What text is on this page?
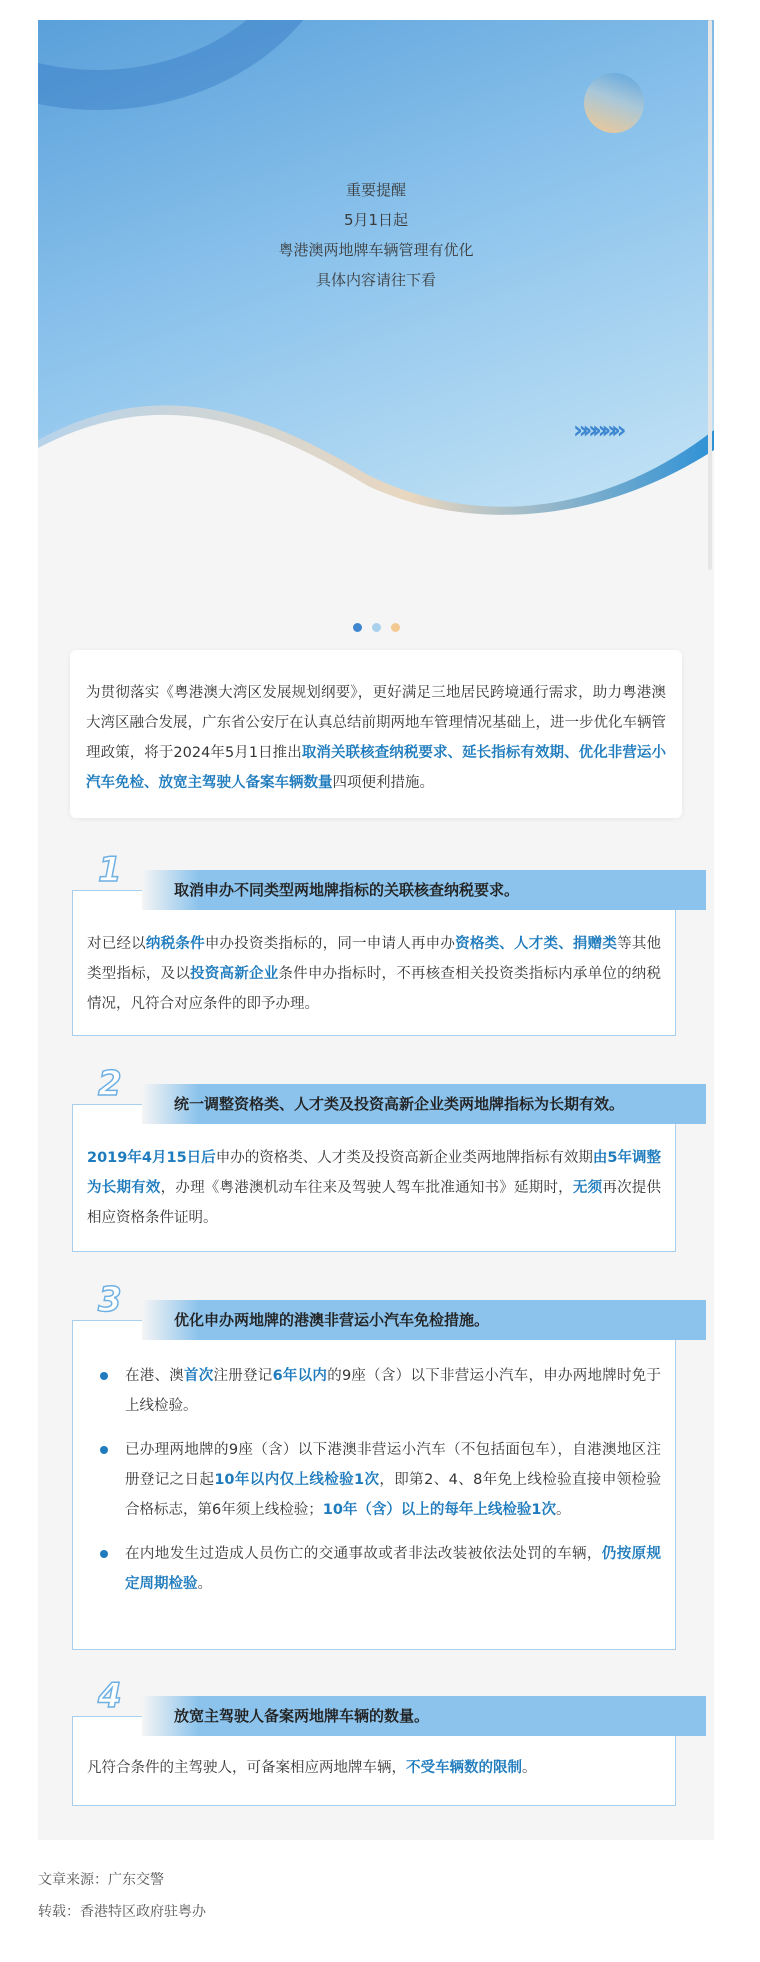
重要提醒
5月1日起
粤港澳两地牌车辆管理有优化
具体内容请往下看
»»»»»

为贯彻落实《粤港澳大湾区发展规划纲要》，更好满足三地居民跨境通行需求，助力粤港澳大湾区融合发展，广东省公安厅在认真总结前期两地车管理情况基础上，进一步优化车辆管理政策，将于2024年5月1日推出取消关联核查纳税要求、延长指标有效期、优化非营运小汽车免检、放宽主驾驶人备案车辆数量四项便利措施。

对已经以纳税条件申办投资类指标的，同一申请人再申办资格类、人才类、捐赠类等其他类型指标，及以投资高新企业条件申办指标时，不再核查相关投资类指标内承单位的纳税情况，凡符合对应条件的即予办理。

取消申办不同类型两地牌指标的关联核查纳税要求。
1

2019年4月15日后申办的资格类、人才类及投资高新企业类两地牌指标有效期由5年调整为长期有效，办理《粤港澳机动车往来及驾驶人驾车批准通知书》延期时，无须再次提供相应资格条件证明。

统一调整资格类、人才类及投资高新企业类两地牌指标为长期有效。
2

在港、澳首次注册登记6年以内的9座（含）以下非营运小汽车，申办两地牌时免于上线检验。

已办理两地牌的9座（含）以下港澳非营运小汽车（不包括面包车），自港澳地区注册登记之日起10年以内仅上线检验1次，即第2、4、8年免上线检验直接申领检验合格标志，第6年须上线检验；10年（含）以上的每年上线检验1次。

在内地发生过造成人员伤亡的交通事故或者非法改装被依法处罚的车辆，仍按原规定周期检验。

优化申办两地牌的港澳非营运小汽车免检措施。
3

凡符合条件的主驾驶人，可备案相应两地牌车辆，不受车辆数的限制。

放宽主驾驶人备案两地牌车辆的数量。
4
文章来源：广东交警
转载：香港特区政府驻粤办
